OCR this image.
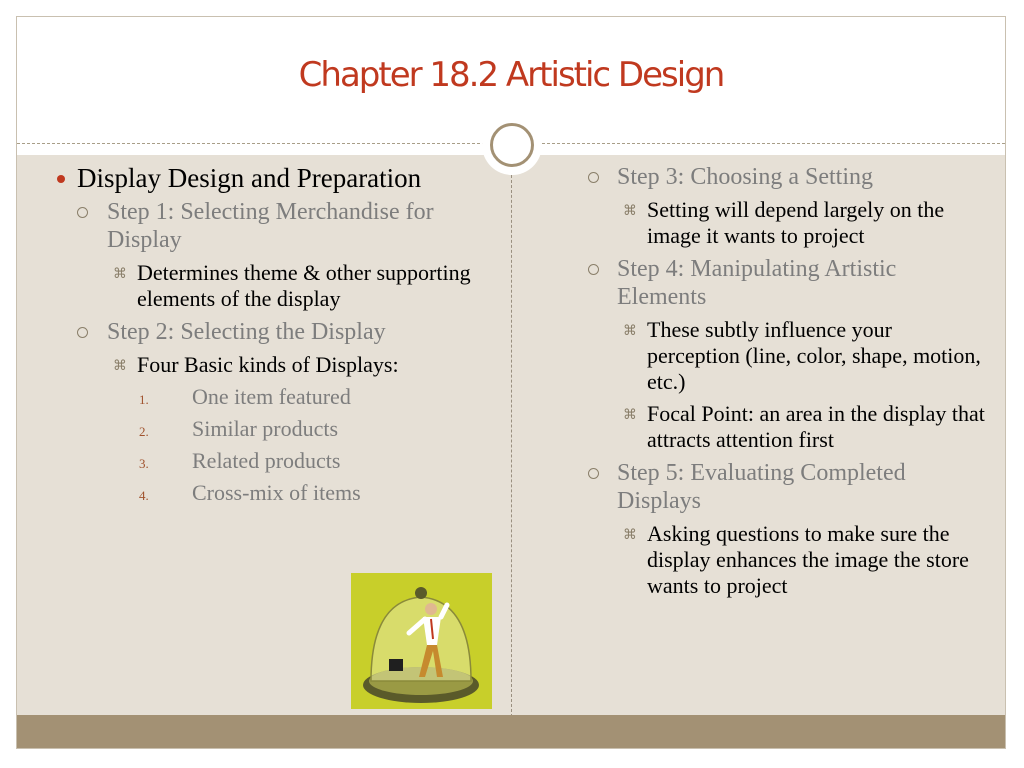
Chapter 18.2 Artistic Design
Display Design and Preparation
Step 1: Selecting Merchandise for Display
⌘ Determines theme & other supporting elements of the display
Step 2: Selecting the Display
⌘ Four Basic kinds of Displays:
1. One item featured
2. Similar products
3. Related products
4. Cross-mix of items
Step 3: Choosing a Setting
⌘ Setting will depend largely on the image it wants to project
Step 4: Manipulating Artistic Elements
⌘ These subtly influence your perception (line, color, shape, motion, etc.)
⌘ Focal Point: an area in the display that attracts attention first
Step 5: Evaluating Completed Displays
⌘ Asking questions to make sure the display enhances the image the store wants to project
